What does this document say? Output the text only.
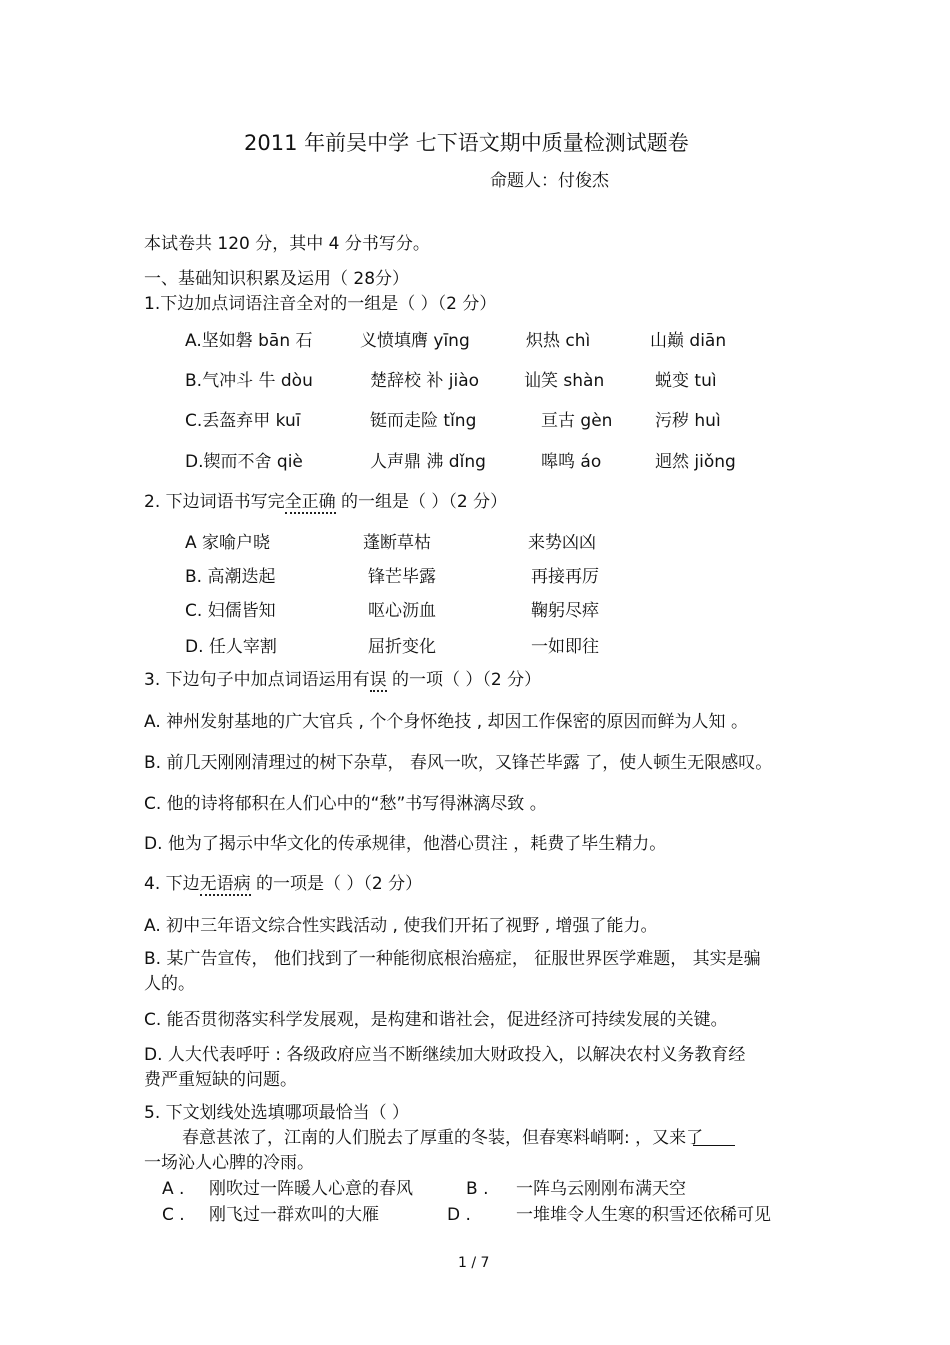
2011 年前吴中学 七下语文期中质量检测试题卷
命题人：付俊杰
本试卷共 120 分，其中 4 分书写分。
一、基础知识积累及运用（ 28分）
1.下边加点词语注音全对的一组是（ ）（2 分）
A.坚如磐 bān 石	义愤填膺 yīng	炽热 chì	山巅 diān
B.气冲斗 牛 dòu	楚辞校 补 jiào	讪笑 shàn	蜕变 tuì
C.丢盔弃甲 kuī	铤而走险 tǐng	亘古 gèn	污秽 huì
D.锲而不舍 qiè	人声鼎 沸 dǐng	嗥鸣 áo	迥然 jiǒng
2. 下边词语书写完全正确 的一组是（ ）（2 分）
A 家喻户晓	蓬断草枯	来势凶凶
B. 高潮迭起	锋芒毕露	再接再厉
C. 妇儒皆知	呕心沥血	鞠躬尽瘁
D. 任人宰割	屈折变化	一如即往
3. 下边句子中加点词语运用有误 的一项（ ）（2 分）
A. 神州发射基地的广大官兵 , 个个身怀绝技 , 却因工作保密的原因而鲜为人知 。
B. 前几天刚刚清理过的树下杂草， 春风一吹，又锋芒毕露 了，使人顿生无限感叹。
C. 他的诗将郁积在人们心中的“愁”书写得淋漓尽致 。
D. 他为了揭示中华文化的传承规律，他潜心贯注 ，耗费了毕生精力。
4. 下边无语病 的一项是（ ）（2 分）
A. 初中三年语文综合性实践活动 , 使我们开拓了视野 , 增强了能力。
B. 某广告宣传， 他们找到了一种能彻底根治癌症， 征服世界医学难题， 其实是骗
人的。
C. 能否贯彻落实科学发展观，是构建和谐社会，促进经济可持续发展的关键。
D. 人大代表呼吁 : 各级政府应当不断继续加大财政投入，以解决农村义务教育经
费严重短缺的问题。
5. 下文划线处选填哪项最恰当（ ）
春意甚浓了，江南的人们脱去了厚重的冬装，但春寒料峭啊: ，又来了
一场沁人心脾的冷雨。
A . 刚吹过一阵暖人心意的春风	B . 一阵乌云刚刚布满天空
C . 刚飞过一群欢叫的大雁	D .	一堆堆令人生寒的积雪还依稀可见
1 / 7
